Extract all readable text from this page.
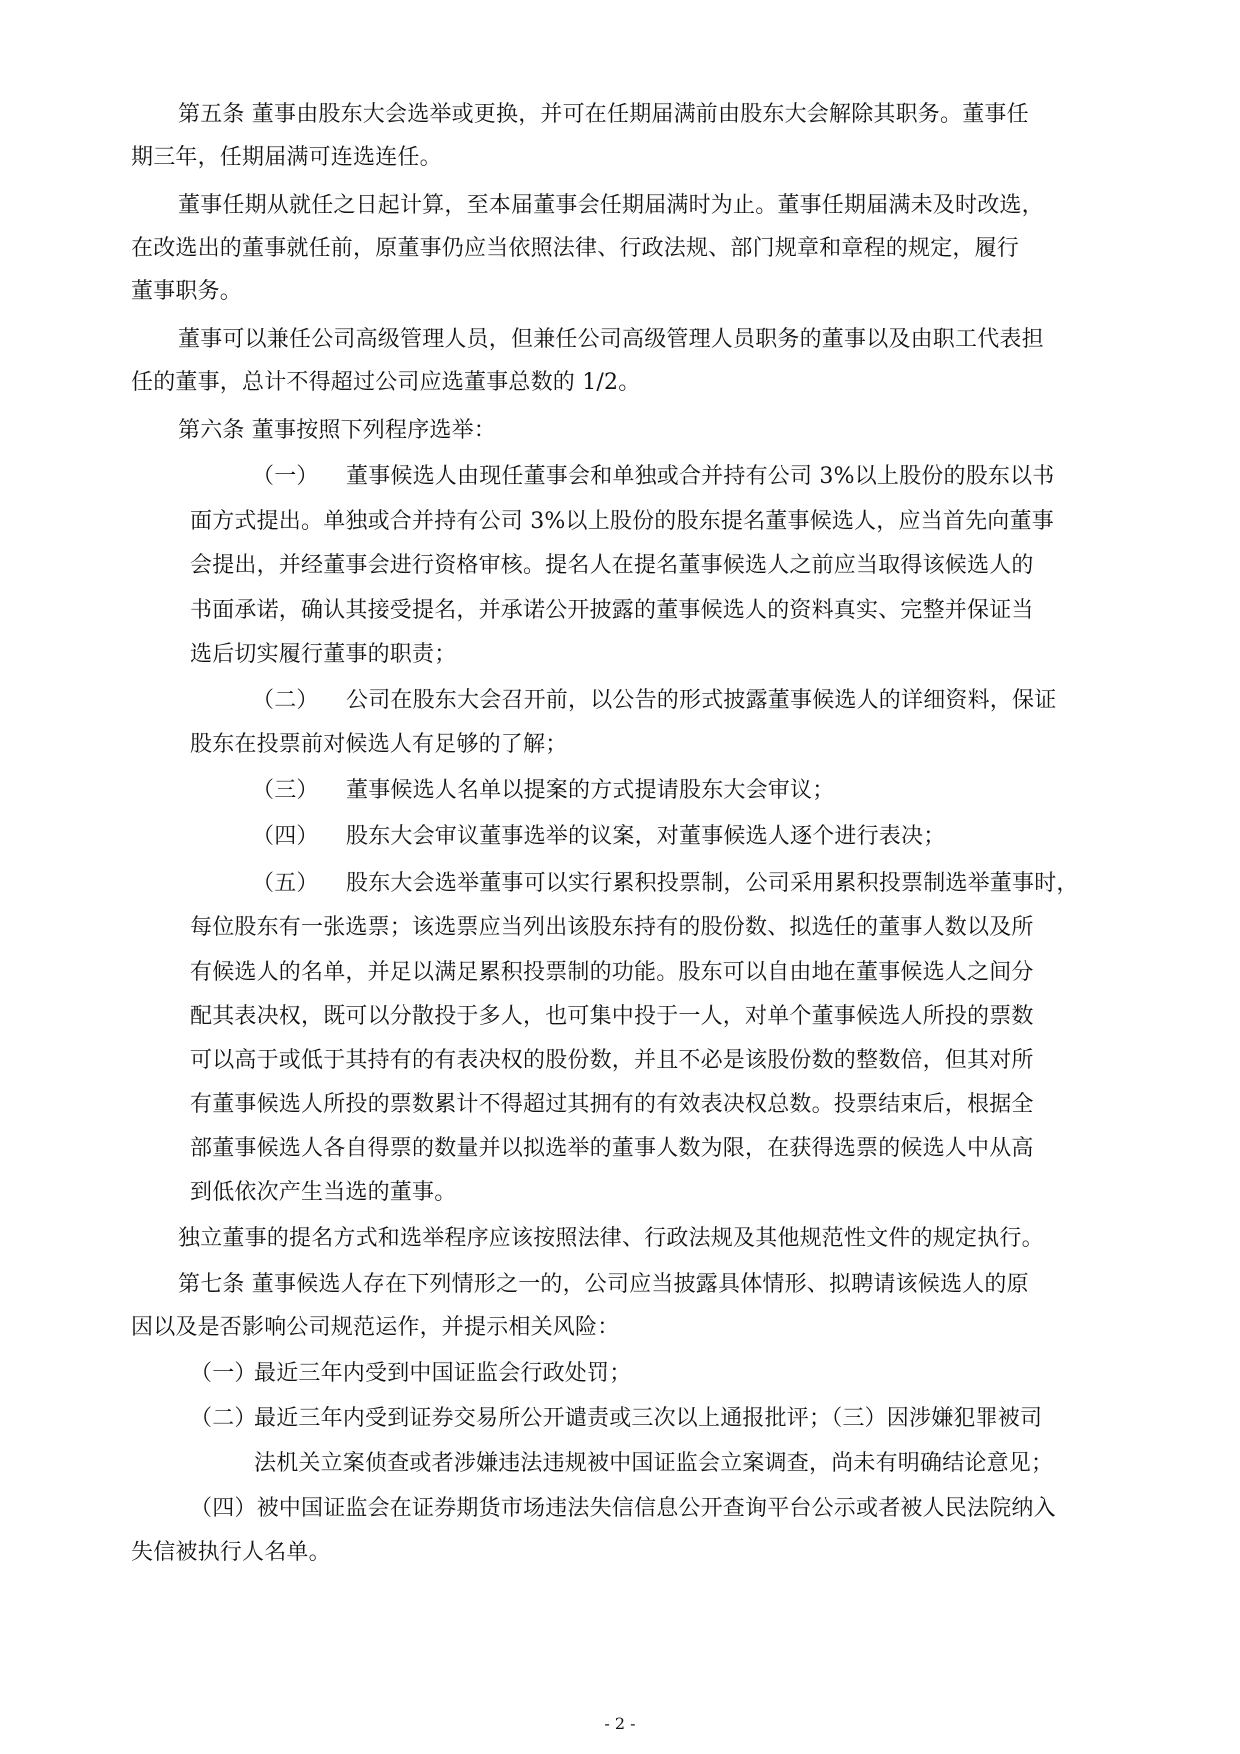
第五条 董事由股东大会选举或更换，并可在任期届满前由股东大会解除其职务。董事任
期三年，任期届满可连选连任。
董事任期从就任之日起计算，至本届董事会任期届满时为止。董事任期届满未及时改选，
在改选出的董事就任前，原董事仍应当依照法律、行政法规、部门规章和章程的规定，履行
董事职务。
董事可以兼任公司高级管理人员，但兼任公司高级管理人员职务的董事以及由职工代表担
任的董事，总计不得超过公司应选董事总数的 1/2。
第六条 董事按照下列程序选举：
（一） 董事候选人由现任董事会和单独或合并持有公司 3%以上股份的股东以书
面方式提出。单独或合并持有公司 3%以上股份的股东提名董事候选人，应当首先向董事
会提出，并经董事会进行资格审核。提名人在提名董事候选人之前应当取得该候选人的
书面承诺，确认其接受提名，并承诺公开披露的董事候选人的资料真实、完整并保证当
选后切实履行董事的职责；
（二） 公司在股东大会召开前，以公告的形式披露董事候选人的详细资料，保证
股东在投票前对候选人有足够的了解；
（三） 董事候选人名单以提案的方式提请股东大会审议；
（四） 股东大会审议董事选举的议案，对董事候选人逐个进行表决；
（五） 股东大会选举董事可以实行累积投票制，公司采用累积投票制选举董事时，
每位股东有一张选票；该选票应当列出该股东持有的股份数、拟选任的董事人数以及所
有候选人的名单，并足以满足累积投票制的功能。股东可以自由地在董事候选人之间分
配其表决权，既可以分散投于多人，也可集中投于一人，对单个董事候选人所投的票数
可以高于或低于其持有的有表决权的股份数，并且不必是该股份数的整数倍，但其对所
有董事候选人所投的票数累计不得超过其拥有的有效表决权总数。投票结束后，根据全
部董事候选人各自得票的数量并以拟选举的董事人数为限，在获得选票的候选人中从高
到低依次产生当选的董事。
独立董事的提名方式和选举程序应该按照法律、行政法规及其他规范性文件的规定执行。
第七条 董事候选人存在下列情形之一的，公司应当披露具体情形、拟聘请该候选人的原
因以及是否影响公司规范运作，并提示相关风险：
（一）最近三年内受到中国证监会行政处罚；
（二）最近三年内受到证券交易所公开谴责或三次以上通报批评；（三）因涉嫌犯罪被司
法机关立案侦查或者涉嫌违法违规被中国证监会立案调查，尚未有明确结论意见；
（四）被中国证监会在证券期货市场违法失信信息公开查询平台公示或者被人民法院纳入
失信被执行人名单。
- 2 -
